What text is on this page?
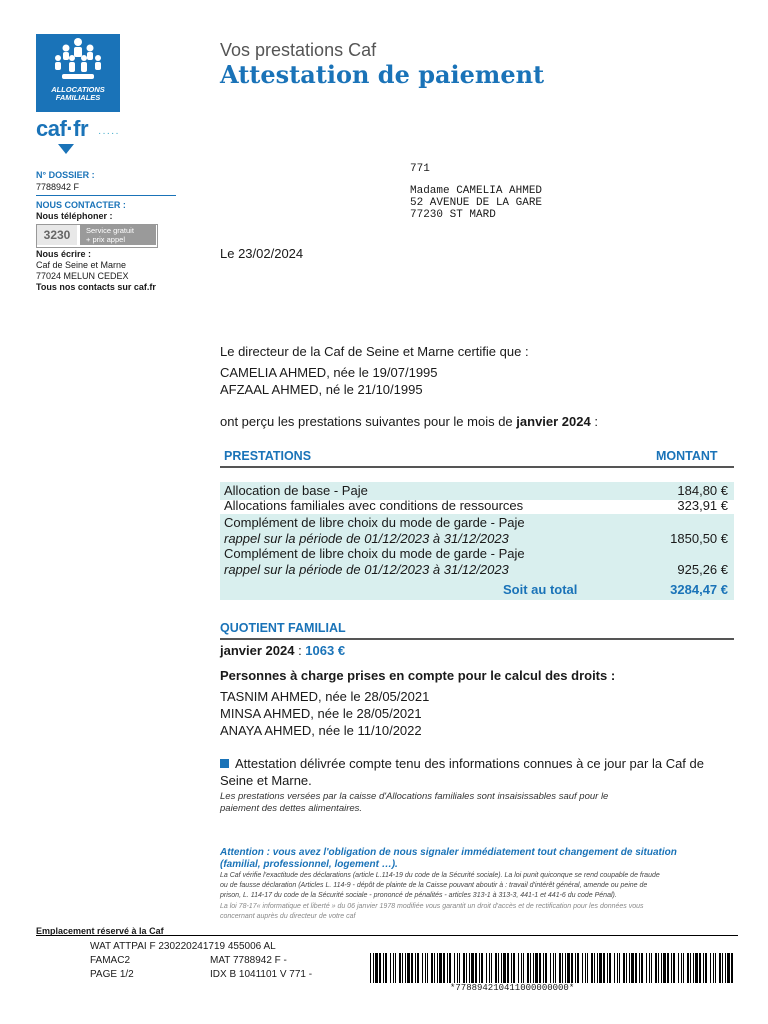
ALLOCATIONS
FAMILIALES
caf·fr ·····
Vos prestations Caf
Attestation de paiement
N° DOSSIER :
7788942 F
NOUS CONTACTER :
Nous téléphoner :
3230	Service gratuit
+ prix appel
Nous écrire :
Caf de Seine et Marne
77024 MELUN CEDEX
Tous nos contacts sur caf.fr
771
Madame CAMELIA AHMED
52 AVENUE DE LA GARE
77230 ST MARD
Le 23/02/2024
Le directeur de la Caf de Seine et Marne certifie que :
CAMELIA AHMED, née le 19/07/1995
AFZAAL AHMED, né le 21/10/1995
ont perçu les prestations suivantes pour le mois de janvier 2024 :
PRESTATIONS	MONTANT
Allocation de base - Paje	184,80 €
Allocations familiales avec conditions de ressources	323,91 €
Complément de libre choix du mode de garde - Paje
rappel sur la période de 01/12/2023 à 31/12/2023	1850,50 €
Complément de libre choix du mode de garde - Paje
rappel sur la période de 01/12/2023 à 31/12/2023	925,26 €
Soit au total	3284,47 €
QUOTIENT FAMILIAL
janvier 2024 : 1063 €
Personnes à charge prises en compte pour le calcul des droits :
TASNIM AHMED, née le 28/05/2021
MINSA AHMED, née le 28/05/2021
ANAYA AHMED, née le 11/10/2022
Attestation délivrée compte tenu des informations connues à ce jour par la Caf de
Seine et Marne.
Les prestations versées par la caisse d'Allocations familiales sont insaisissables sauf pour le
paiement des dettes alimentaires.
Attention : vous avez l'obligation de nous signaler immédiatement tout changement de situation
(familial, professionnel, logement …).
La Caf vérifie l'exactitude des déclarations (article L.114-19 du code de la Sécurité sociale). La loi punit quiconque se rend coupable de fraude
ou de fausse déclaration (Articles L. 114-9 - dépôt de plainte de la Caisse pouvant aboutir à : travail d'intérêt général, amende ou peine de
prison, L. 114-17 du code de la Sécurité sociale - prononcé de pénalités - articles 313-1 à 313-3, 441-1 et 441-6 du code Pénal).
La loi 78-17« informatique et liberté » du 06 janvier 1978 modifiée vous garantit un droit d'accès et de rectification pour les données vous
concernant auprès du directeur de votre caf
Emplacement réservé à la Caf
WAT ATTPAI F 230220241719 455006 AL
FAMAC2	MAT 7788942 F -
PAGE 1/2	IDX B 1041101 V 771 -
*778894210411000000000*
